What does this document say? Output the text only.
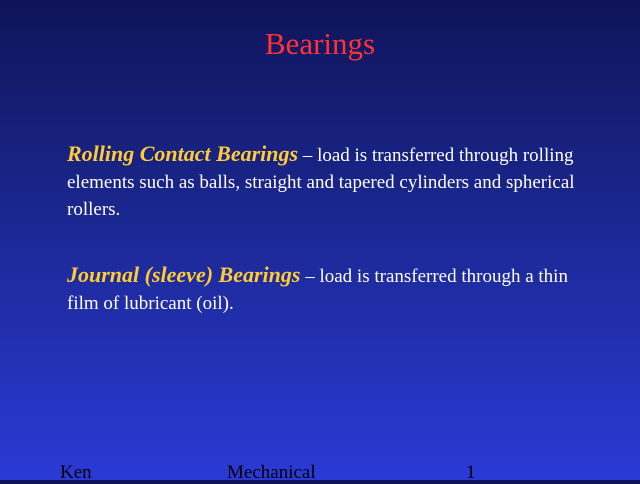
Bearings
Rolling Contact Bearings – load is transferred through rolling elements such as balls, straight and tapered cylinders and spherical rollers.
Journal (sleeve) Bearings – load is transferred through a thin film of lubricant (oil).
Ken	Mechanical	1
